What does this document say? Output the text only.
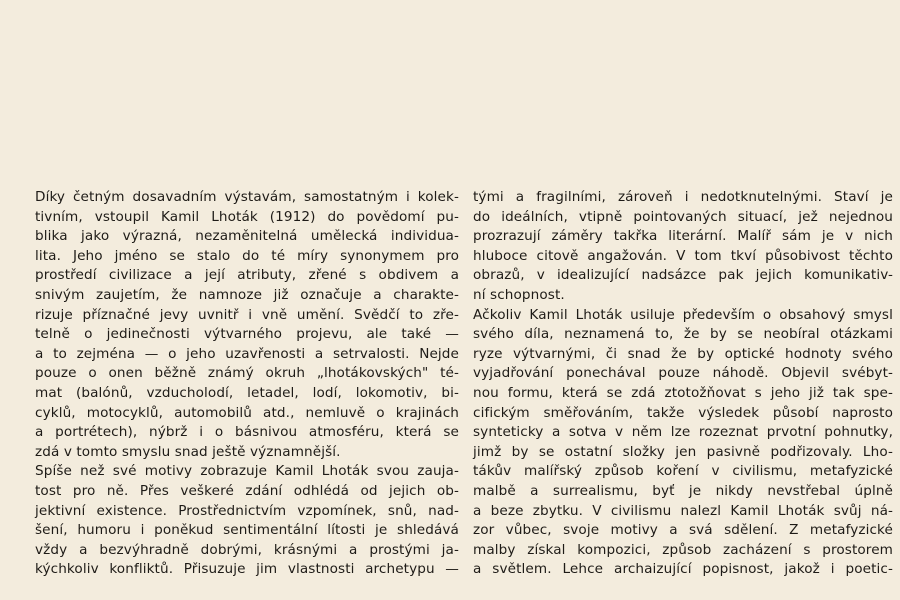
Díky četným dosavadním výstavám, samostatným i kolek-
tivním, vstoupil Kamil Lhoták (1912) do povědomí pu-
blika jako výrazná, nezaměnitelná umělecká individua-
lita. Jeho jméno se stalo do té míry synonymem pro
prostředí civilizace a její atributy, zřené s obdivem a
snivým zaujetím, že namnoze již označuje a charakte-
rizuje příznačné jevy uvnitř i vně umění. Svědčí to zře-
telně o jedinečnosti výtvarného projevu, ale také —
a to zejména — o jeho uzavřenosti a setrvalosti. Nejde
pouze o onen běžně známý okruh „lhotákovských" té-
mat (balónů, vzducholodí, letadel, lodí, lokomotiv, bi-
cyklů, motocyklů, automobilů atd., nemluvě o krajinách
a portrétech), nýbrž i o básnivou atmosféru, která se
zdá v tomto smyslu snad ještě významnější.
Spíše než své motivy zobrazuje Kamil Lhoták svou zauja-
tost pro ně. Přes veškeré zdání odhlédá od jejich ob-
jektivní existence. Prostřednictvím vzpomínek, snů, nad-
šení, humoru i poněkud sentimentální lítosti je shledává
vždy a bezvýhradně dobrými, krásnými a prostými ja-
kýchkoliv konfliktů. Přisuzuje jim vlastnosti archetypu —
tými a fragilními, zároveň i nedotknutelnými. Staví je
do ideálních, vtipně pointovaných situací, jež nejednou
prozrazují záměry takřka literární. Malíř sám je v nich
hluboce citově angažován. V tom tkví působivost těchto
obrazů, v idealizující nadsázce pak jejich komunikativ-
ní schopnost.
Ačkoliv Kamil Lhoták usiluje především o obsahový smysl
svého díla, neznamená to, že by se neobíral otázkami
ryze výtvarnými, či snad že by optické hodnoty svého
vyjadřování ponechával pouze náhodě. Objevil svébyt-
nou formu, která se zdá ztotožňovat s jeho již tak spe-
cifickým směřováním, takže výsledek působí naprosto
synteticky a sotva v něm lze rozeznat prvotní pohnutky,
jimž by se ostatní složky jen pasivně podřizovaly. Lho-
tákův malířský způsob koření v civilismu, metafyzické
malbě a surrealismu, byť je nikdy nevstřebal úplně
a beze zbytku. V civilismu nalezl Kamil Lhoták svůj ná-
zor vůbec, svoje motivy a svá sdělení. Z metafyzické
malby získal kompozici, způsob zacházení s prostorem
a světlem. Lehce archaizující popisnost, jakož i poetic-
